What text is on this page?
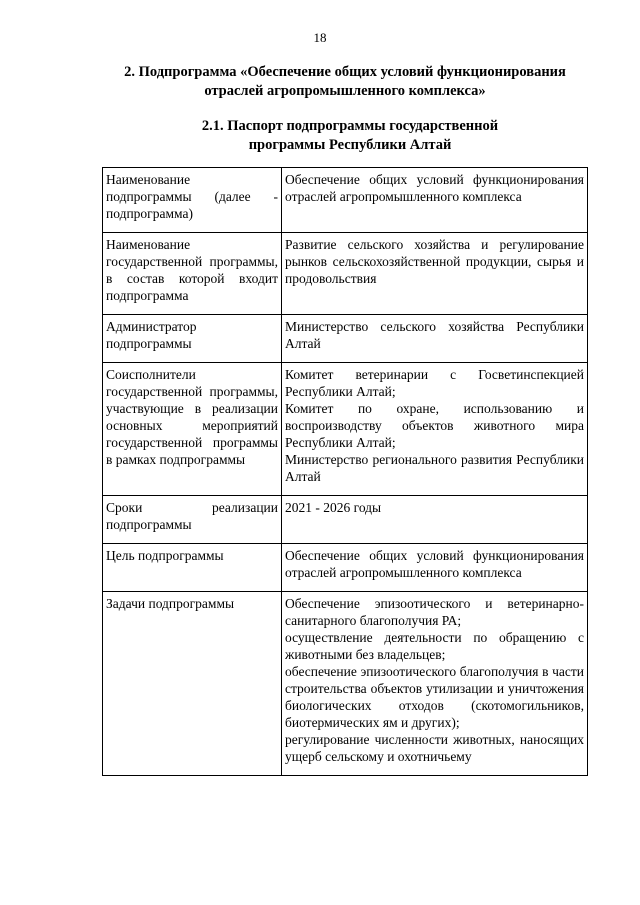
18
2. Подпрограмма «Обеспечение общих условий функционирования отраслей агропромышленного комплекса»
2.1. Паспорт подпрограммы государственной
программы Республики Алтай
Наименование подпрограммы (далее - подпрограмма)	Обеспечение общих условий функционирования отраслей агропромышленного комплекса

Наименование государственной программы, в состав которой входит подпрограмма	Развитие сельского хозяйства и регулирование рынков сельскохозяйственной продукции, сырья и продовольствия

Администратор подпрограммы	Министерство сельского хозяйства Республики Алтай

Соисполнители государственной программы, участвующие в реализации основных мероприятий государственной программы в рамках подпрограммы	Комитет ветеринарии с Госветинспекцией Республики Алтай;
Комитет по охране, использованию и воспроизводству объектов животного мира Республики Алтай;
Министерство регионального развития Республики Алтай

Сроки реализации подпрограммы	2021 - 2026 годы

Цель подпрограммы	Обеспечение общих условий функционирования отраслей агропромышленного комплекса

Задачи подпрограммы	Обеспечение эпизоотического и ветеринарно-санитарного благополучия РА;
осуществление деятельности по обращению с животными без владельцев;
обеспечение эпизоотического благополучия в части строительства объектов утилизации и уничтожения биологических отходов (скотомогильников, биотермических ям и других);
регулирование численности животных, наносящих ущерб сельскому и охотничьему
